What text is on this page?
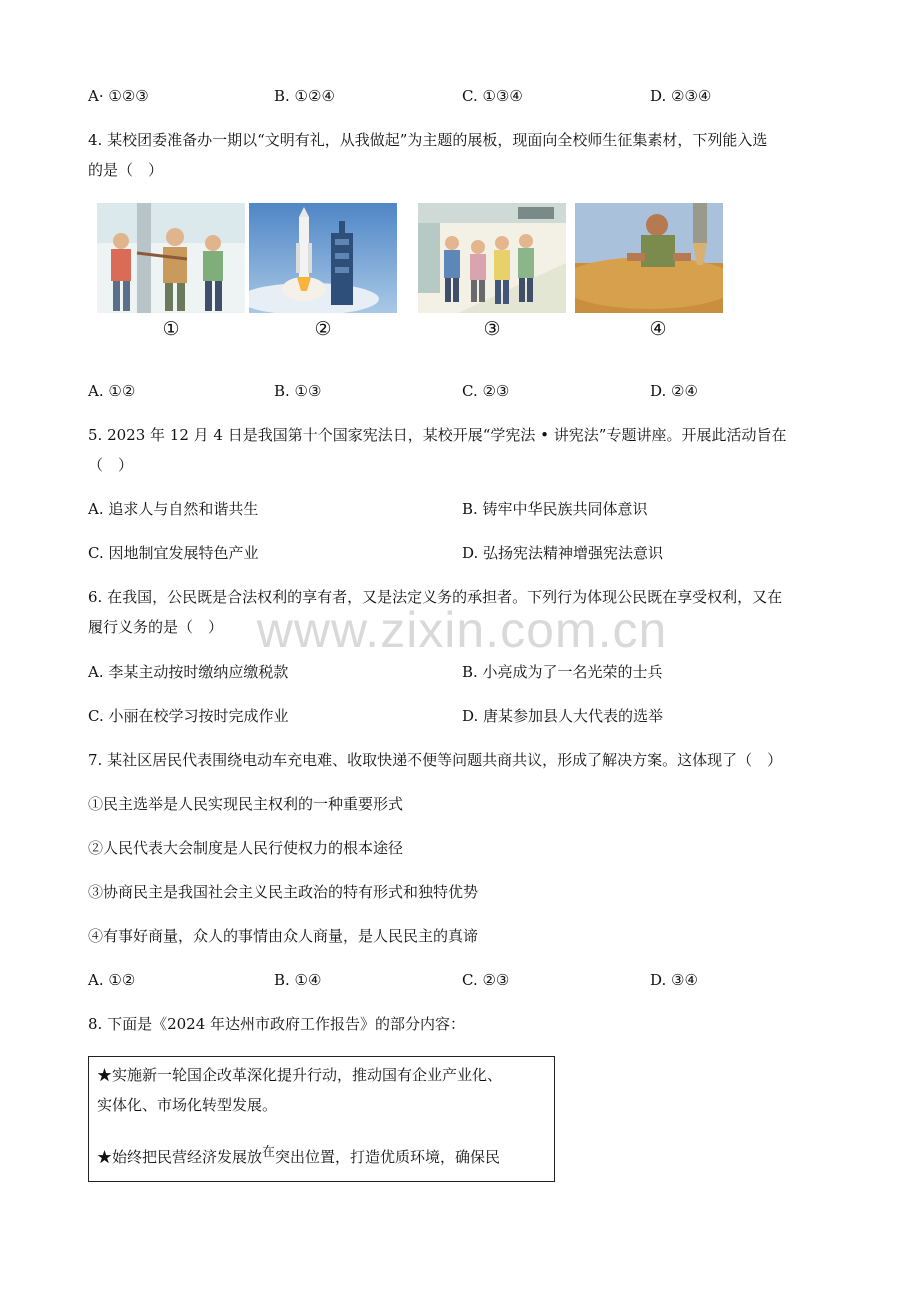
www.zixin.com.cn
A· ①②③	B. ①②④	C. ①③④	D. ②③④
4. 某校团委准备办一期以“文明有礼，从我做起”为主题的展板，现面向全校师生征集素材，下列能入选
的是（　）
①	②	③	④
A. ①②	B. ①③	C. ②③	D. ②④
5. 2023 年 12 月 4 日是我国第十个国家宪法日，某校开展“学宪法 • 讲宪法”专题讲座。开展此活动旨在
（　）
A. 追求人与自然和谐共生	B. 铸牢中华民族共同体意识
C. 因地制宜发展特色产业	D. 弘扬宪法精神增强宪法意识
6. 在我国，公民既是合法权利的享有者，又是法定义务的承担者。下列行为体现公民既在享受权利，又在
履行义务的是（　）
A. 李某主动按时缴纳应缴税款	B. 小亮成为了一名光荣的士兵
C. 小丽在校学习按时完成作业	D. 唐某参加县人大代表的选举
7. 某社区居民代表围绕电动车充电难、收取快递不便等问题共商共议，形成了解决方案。这体现了（　）
①民主选举是人民实现民主权利的一种重要形式
②人民代表大会制度是人民行使权力的根本途径
③协商民主是我国社会主义民主政治的特有形式和独特优势
④有事好商量，众人的事情由众人商量，是人民民主的真谛
A. ①②	B. ①④	C. ②③	D. ③④
8. 下面是《2024 年达州市政府工作报告》的部分内容：
★实施新一轮国企改革深化提升行动，推动国有企业产业化、
实体化、市场化转型发展。
★始终把民营经济发展放在突出位置，打造优质环境，确保民
